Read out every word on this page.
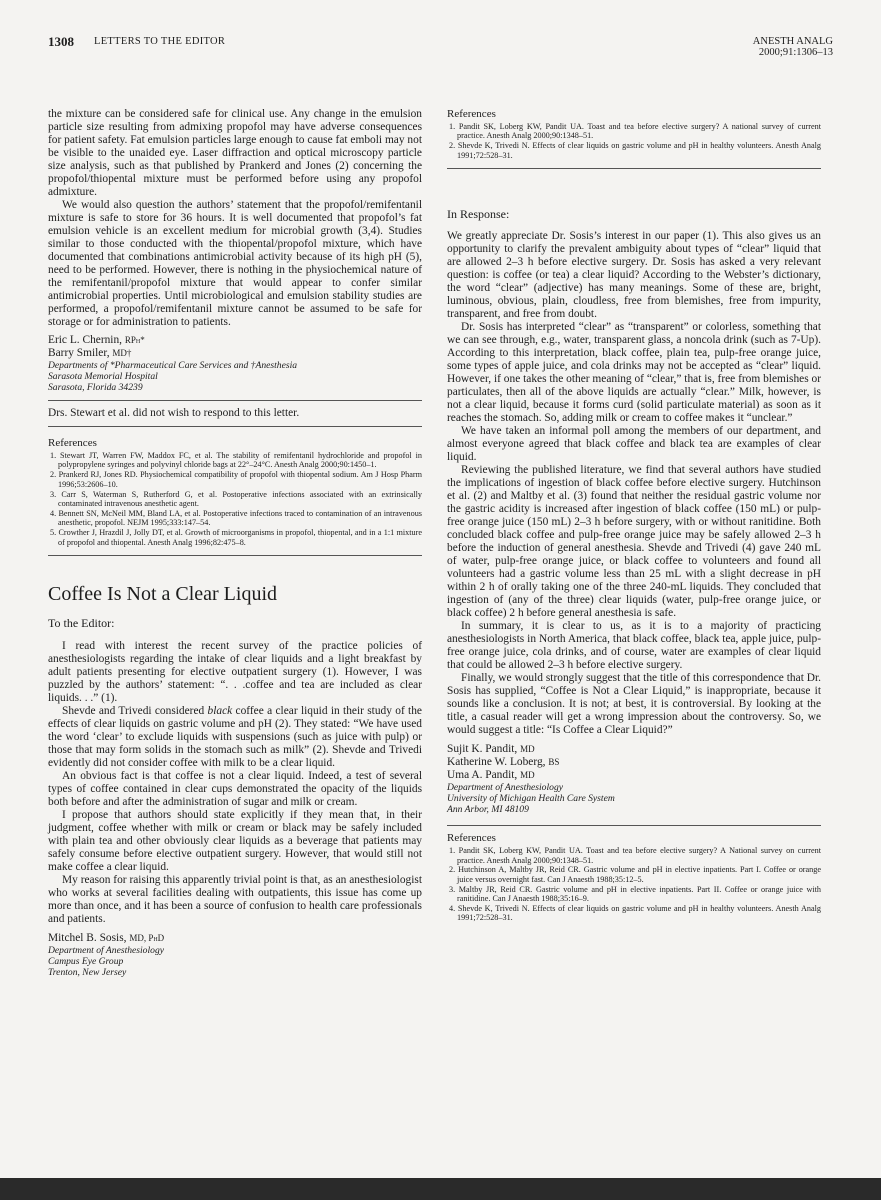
1308 LETTERS TO THE EDITOR	ANESTH ANALG
2000;91:1306–13

the mixture can be considered safe for clinical use. Any change in the emulsion particle size resulting from admixing propofol may have adverse consequences for patient safety. Fat emulsion particles large enough to cause fat emboli may not be visible to the unaided eye. Laser diffraction and optical microscopy particle size analysis, such as that published by Prankerd and Jones (2) concerning the propofol/thiopental mixture must be performed before using any propofol admixture.

We would also question the authors’ statement that the propofol/remifentanil mixture is safe to store for 36 hours. It is well documented that propofol’s fat emulsion vehicle is an excellent medium for microbial growth (3,4). Studies similar to those conducted with the thiopental/propofol mixture, which have documented that combinations antimicrobial activity because of its high pH (5), need to be performed. However, there is nothing in the physiochemical nature of the remifentanil/propofol mixture that would appear to confer similar antimicrobial properties. Until microbiological and emulsion stability studies are performed, a propofol/remifentanil mixture cannot be assumed to be safe for storage or for administration to patients.

Eric L. Chernin, RPh*
Barry Smiler, MD†
Departments of *Pharmaceutical Care Services and †Anesthesia
Sarasota Memorial Hospital
Sarasota, Florida 34239

Drs. Stewart et al. did not wish to respond to this letter.

References

1. Stewart JT, Warren FW, Maddox FC, et al. The stability of remifentanil hydrochloride and propofol in polypropylene syringes and polyvinyl chloride bags at 22°–24°C. Anesth Analg 2000;90:1450–1.
2. Prankerd RJ, Jones RD. Physiochemical compatibility of propofol with thiopental sodium. Am J Hosp Pharm 1996;53:2606–10.
3. Carr S, Waterman S, Rutherford G, et al. Postoperative infections associated with an extrinsically contaminated intravenous anesthetic agent.
4. Bennett SN, McNeil MM, Bland LA, et al. Postoperative infections traced to contamination of an intravenous anesthetic, propofol. NEJM 1995;333:147–54.
5. Crowther J, Hrazdil J, Jolly DT, et al. Growth of microorganisms in propofol, thiopental, and in a 1:1 mixture of propofol and thiopental. Anesth Analg 1996;82:475–8.
Coffee Is Not a Clear Liquid

To the Editor:

I read with interest the recent survey of the practice policies of anesthesiologists regarding the intake of clear liquids and a light breakfast by adult patients presenting for elective outpatient surgery (1). However, I was puzzled by the authors’ statement: “. . .coffee and tea are included as clear liquids. . .” (1).

Shevde and Trivedi considered black coffee a clear liquid in their study of the effects of clear liquids on gastric volume and pH (2). They stated: “We have used the word ‘clear’ to exclude liquids with suspensions (such as juice with pulp) or those that may form solids in the stomach such as milk” (2). Shevde and Trivedi evidently did not consider coffee with milk to be a clear liquid.

An obvious fact is that coffee is not a clear liquid. Indeed, a test of several types of coffee contained in clear cups demonstrated the opacity of the liquids both before and after the administration of sugar and milk or cream.

I propose that authors should state explicitly if they mean that, in their judgment, coffee whether with milk or cream or black may be safely included with plain tea and other obviously clear liquids as a beverage that patients may safely consume before elective outpatient surgery. However, that would still not make coffee a clear liquid.

My reason for raising this apparently trivial point is that, as an anesthesiologist who works at several facilities dealing with outpatients, this issue has come up more than once, and it has been a source of confusion to health care professionals and patients.

Mitchel B. Sosis, MD, PhD
Department of Anesthesiology
Campus Eye Group
Trenton, New Jersey

References

1. Pandit SK, Loberg KW, Pandit UA. Toast and tea before elective surgery? A national survey of current practice. Anesth Analg 2000;90:1348–51.
2. Shevde K, Trivedi N. Effects of clear liquids on gastric volume and pH in healthy volunteers. Anesth Analg 1991;72:528–31.

In Response:

We greatly appreciate Dr. Sosis’s interest in our paper (1). This also gives us an opportunity to clarify the prevalent ambiguity about types of “clear” liquid that are allowed 2–3 h before elective surgery. Dr. Sosis has asked a very relevant question: is coffee (or tea) a clear liquid? According to the Webster’s dictionary, the word “clear” (adjective) has many meanings. Some of these are, bright, luminous, obvious, plain, cloudless, free from blemishes, free from impurity, transparent, and free from doubt.

Dr. Sosis has interpreted “clear” as “transparent” or colorless, something that we can see through, e.g., water, transparent glass, a noncola drink (such as 7-Up). According to this interpretation, black coffee, plain tea, pulp-free orange juice, some types of apple juice, and cola drinks may not be accepted as “clear” liquid. However, if one takes the other meaning of “clear,” that is, free from blemishes or particulates, then all of the above liquids are actually “clear.” Milk, however, is not a clear liquid, because it forms curd (solid particulate material) as soon as it reaches the stomach. So, adding milk or cream to coffee makes it “unclear.”

We have taken an informal poll among the members of our department, and almost everyone agreed that black coffee and black tea are examples of clear liquid.

Reviewing the published literature, we find that several authors have studied the implications of ingestion of black coffee before elective surgery. Hutchinson et al. (2) and Maltby et al. (3) found that neither the residual gastric volume nor the gastric acidity is increased after ingestion of black coffee (150 mL) or pulp-free orange juice (150 mL) 2–3 h before surgery, with or without ranitidine. Both concluded black coffee and pulp-free orange juice may be safely allowed 2–3 h before the induction of general anesthesia. Shevde and Trivedi (4) gave 240 mL of water, pulp-free orange juice, or black coffee to volunteers and found all volunteers had a gastric volume less than 25 mL with a slight decrease in pH within 2 h of orally taking one of the three 240-mL liquids. They concluded that ingestion of (any of the three) clear liquids (water, pulp-free orange juice, or black coffee) 2 h before general anesthesia is safe.

In summary, it is clear to us, as it is to a majority of practicing anesthesiologists in North America, that black coffee, black tea, apple juice, pulp-free orange juice, cola drinks, and of course, water are examples of clear liquid that could be allowed 2–3 h before elective surgery.

Finally, we would strongly suggest that the title of this correspondence that Dr. Sosis has supplied, “Coffee is Not a Clear Liquid,” is inappropriate, because it sounds like a conclusion. It is not; at best, it is controversial. By looking at the title, a casual reader will get a wrong impression about the controversy. So, we would suggest a title: “Is Coffee a Clear Liquid?”

Sujit K. Pandit, MD
Katherine W. Loberg, BS
Uma A. Pandit, MD
Department of Anesthesiology
University of Michigan Health Care System
Ann Arbor, MI 48109

References

1. Pandit SK, Loberg KW, Pandit UA. Toast and tea before elective surgery? A National survey on current practice. Anesth Analg 2000;90:1348–51.
2. Hutchinson A, Maltby JR, Reid CR. Gastric volume and pH in elective inpatients. Part I. Coffee or orange juice versus overnight fast. Can J Anaesth 1988;35:12–5.
3. Maltby JR, Reid CR. Gastric volume and pH in elective inpatients. Part II. Coffee or orange juice with ranitidine. Can J Anaesth 1988;35:16–9.
4. Shevde K, Trivedi N. Effects of clear liquids on gastric volume and pH in healthy volunteers. Anesth Analg 1991;72:528–31.
